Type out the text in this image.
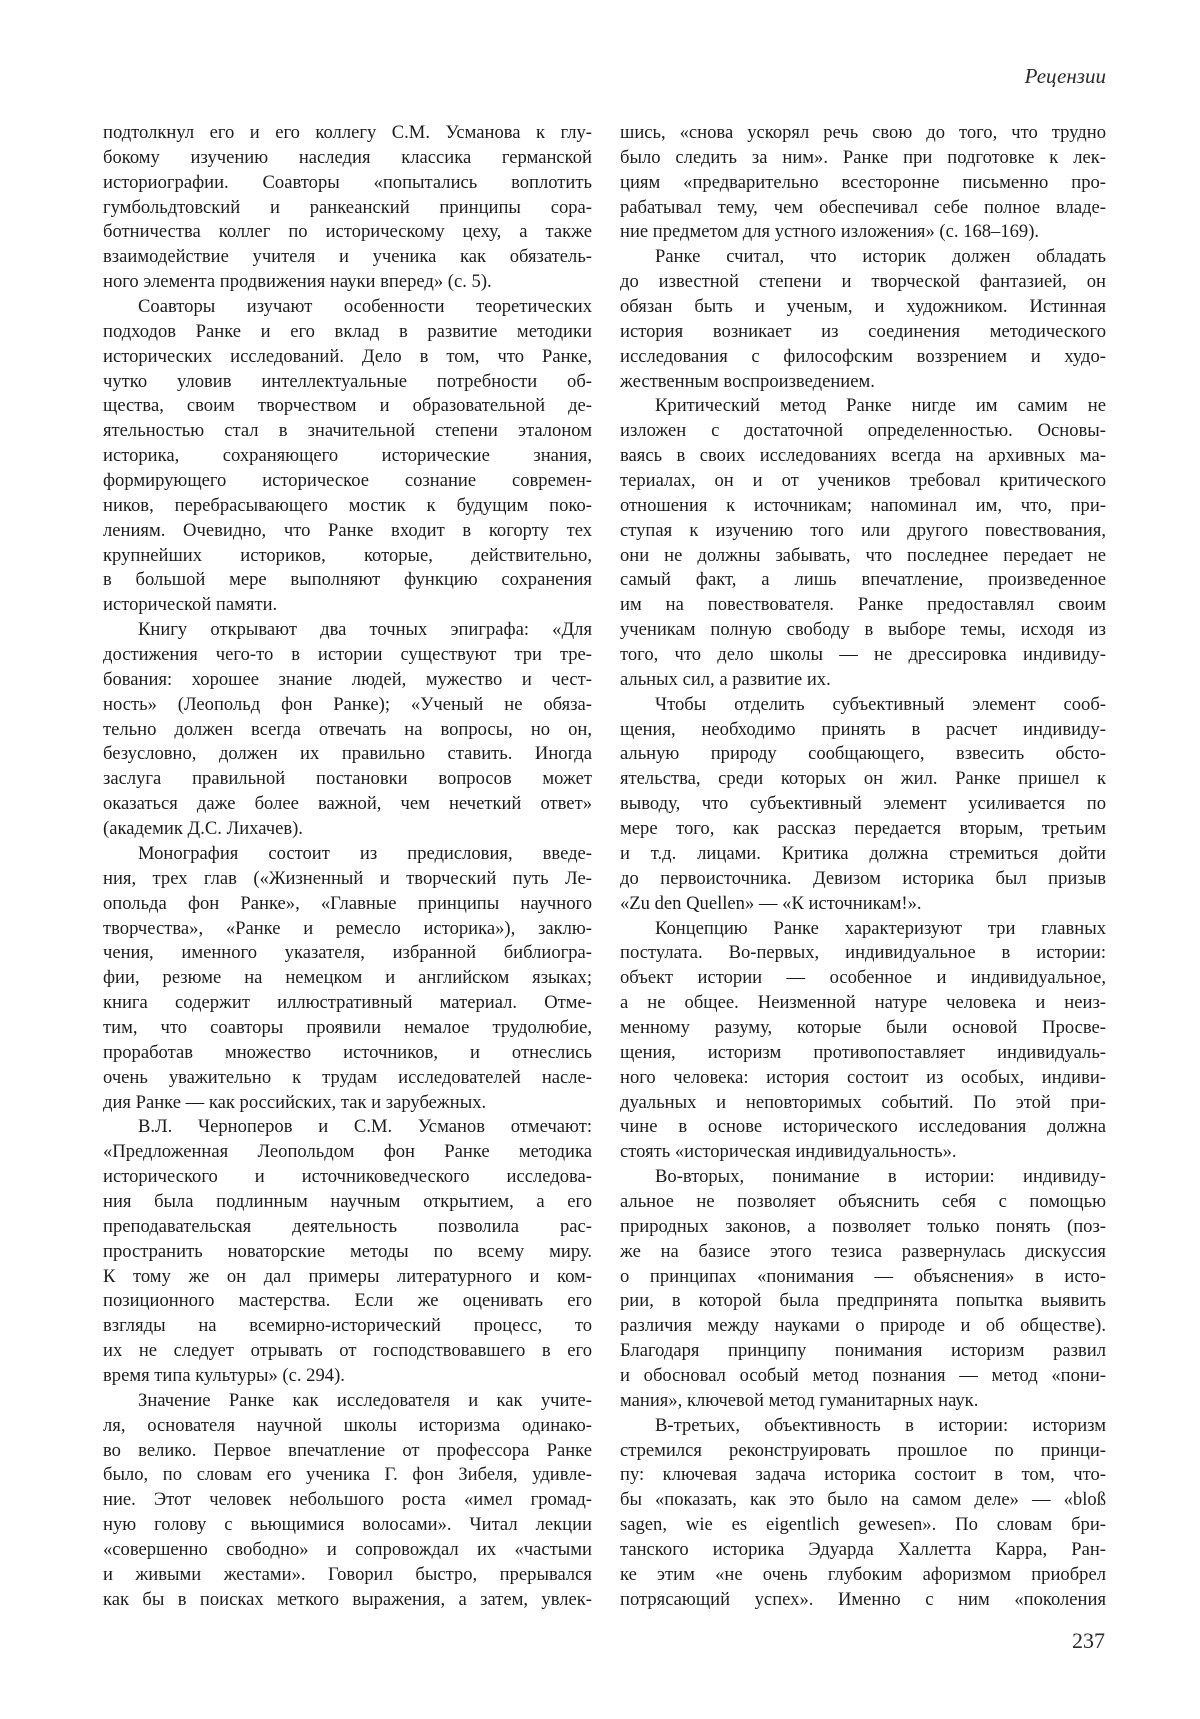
Рецензии
подтолкнул его и его коллегу С.М. Усманова к глу-
бокому изучению наследия классика германской
историографии. Соавторы «попытались воплотить
гумбольдтовский и ранкеанский принципы сора-
ботничества коллег по историческому цеху, а также
взаимодействие учителя и ученика как обязатель-
ного элемента продвижения науки вперед» (с. 5).
Соавторы изучают особенности теоретических
подходов Ранке и его вклад в развитие методики
исторических исследований. Дело в том, что Ранке,
чутко уловив интеллектуальные потребности об-
щества, своим творчеством и образовательной де-
ятельностью стал в значительной степени эталоном
историка, сохраняющего исторические знания,
формирующего историческое сознание современ-
ников, перебрасывающего мостик к будущим поко-
лениям. Очевидно, что Ранке входит в когорту тех
крупнейших историков, которые, действительно,
в большой мере выполняют функцию сохранения
исторической памяти.
Книгу открывают два точных эпиграфа: «Для
достижения чего-то в истории существуют три тре-
бования: хорошее знание людей, мужество и чест-
ность» (Леопольд фон Ранке); «Ученый не обяза-
тельно должен всегда отвечать на вопросы, но он,
безусловно, должен их правильно ставить. Иногда
заслуга правильной постановки вопросов может
оказаться даже более важной, чем нечеткий ответ»
(академик Д.С. Лихачев).
Монография состоит из предисловия, введе-
ния, трех глав («Жизненный и творческий путь Ле-
опольда фон Ранке», «Главные принципы научного
творчества», «Ранке и ремесло историка»), заклю-
чения, именного указателя, избранной библиогра-
фии, резюме на немецком и английском языках;
книга содержит иллюстративный материал. Отме-
тим, что соавторы проявили немалое трудолюбие,
проработав множество источников, и отнеслись
очень уважительно к трудам исследователей насле-
дия Ранке — как российских, так и зарубежных.
В.Л. Черноперов и С.М. Усманов отмечают:
«Предложенная Леопольдом фон Ранке методика
исторического и источниковедческого исследова-
ния была подлинным научным открытием, а его
преподавательская деятельность позволила рас-
пространить новаторские методы по всему миру.
К тому же он дал примеры литературного и ком-
позиционного мастерства. Если же оценивать его
взгляды на всемирно-исторический процесс, то
их не следует отрывать от господствовавшего в его
время типа культуры» (с. 294).
Значение Ранке как исследователя и как учите-
ля, основателя научной школы историзма одинако-
во велико. Первое впечатление от профессора Ранке
было, по словам его ученика Г. фон Зибеля, удивле-
ние. Этот человек небольшого роста «имел громад-
ную голову с вьющимися волосами». Читал лекции
«совершенно свободно» и сопровождал их «частыми
и живыми жестами». Говорил быстро, прерывался
как бы в поисках меткого выражения, а затем, увлек-
шись, «снова ускорял речь свою до того, что трудно
было следить за ним». Ранке при подготовке к лек-
циям «предварительно всесторонне письменно про-
рабатывал тему, чем обеспечивал себе полное владе-
ние предметом для устного изложения» (с. 168–169).
Ранке считал, что историк должен обладать
до известной степени и творческой фантазией, он
обязан быть и ученым, и художником. Истинная
история возникает из соединения методического
исследования с философским воззрением и худо-
жественным воспроизведением.
Критический метод Ранке нигде им самим не
изложен с достаточной определенностью. Основы-
ваясь в своих исследованиях всегда на архивных ма-
териалах, он и от учеников требовал критического
отношения к источникам; напоминал им, что, при-
ступая к изучению того или другого повествования,
они не должны забывать, что последнее передает не
самый факт, а лишь впечатление, произведенное
им на повествователя. Ранке предоставлял своим
ученикам полную свободу в выборе темы, исходя из
того, что дело школы — не дрессировка индивиду-
альных сил, а развитие их.
Чтобы отделить субъективный элемент сооб-
щения, необходимо принять в расчет индивиду-
альную природу сообщающего, взвесить обсто-
ятельства, среди которых он жил. Ранке пришел к
выводу, что субъективный элемент усиливается по
мере того, как рассказ передается вторым, третьим
и т.д. лицами. Критика должна стремиться дойти
до первоисточника. Девизом историка был призыв
«Zu den Quellen» — «К источникам!».
Концепцию Ранке характеризуют три главных
постулата. Во-первых, индивидуальное в истории:
объект истории — особенное и индивидуальное,
а не общее. Неизменной натуре человека и неиз-
менному разуму, которые были основой Просве-
щения, историзм противопоставляет индивидуаль-
ного человека: история состоит из особых, индиви-
дуальных и неповторимых событий. По этой при-
чине в основе исторического исследования должна
стоять «историческая индивидуальность».
Во-вторых, понимание в истории: индивиду-
альное не позволяет объяснить себя с помощью
природных законов, а позволяет только понять (поз-
же на базисе этого тезиса развернулась дискуссия
о принципах «понимания — объяснения» в исто-
рии, в которой была предпринята попытка выявить
различия между науками о природе и об обществе).
Благодаря принципу понимания историзм развил
и обосновал особый метод познания — метод «пони-
мания», ключевой метод гуманитарных наук.
В-третьих, объективность в истории: историзм
стремился реконструировать прошлое по принци-
пу: ключевая задача историка состоит в том, что-
бы «показать, как это было на самом деле» — «bloß
sagen, wie es eigentlich gewesen». По словам бри-
танского историка Эдуарда Халлетта Карра, Ран-
ке этим «не очень глубоким афоризмом приобрел
потрясающий успех». Именно с ним «поколения
237
